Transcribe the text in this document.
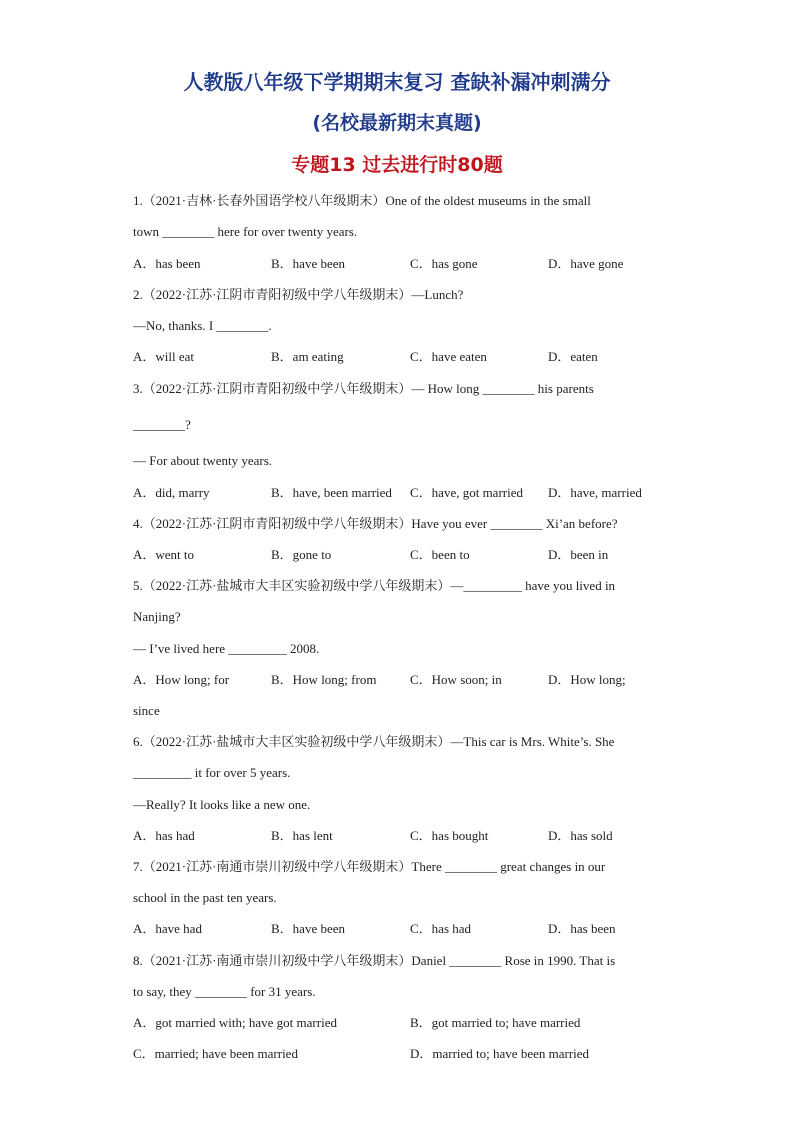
人教版八年级下学期期末复习 查缺补漏冲刺满分
(名校最新期末真题)
专题13 过去进行时80题
1.（2021·吉林·长春外国语学校八年级期末）One of the oldest museums in the small
town ________ here for over twenty years.
A．has been	B．have been	C．has gone	D．have gone
2.（2022·江苏·江阴市青阳初级中学八年级期末）—Lunch?
—No, thanks. I ________.
A．will eat	B．am eating	C．have eaten	D．eaten
3.（2022·江苏·江阴市青阳初级中学八年级期末）— How long ________ his parents
________?
— For about twenty years.
A．did, marry	B．have, been married C．have, got married D．have, married
4.（2022·江苏·江阴市青阳初级中学八年级期末）Have you ever ________ Xi’an before?
A．went to	B．gone to	C．been to	D．been in
5.（2022·江苏·盐城市大丰区实验初级中学八年级期末）—_________ have you lived in
Nanjing?
— I’ve lived here _________ 2008.
A．How long; for	B．How long; from	C．How soon; in	D．How long;
since
6.（2022·江苏·盐城市大丰区实验初级中学八年级期末）—This car is Mrs. White’s. She
_________ it for over 5 years.
—Really? It looks like a new one.
A．has had	B．has lent	C．has bought	D．has sold
7.（2021·江苏·南通市崇川初级中学八年级期末）There ________ great changes in our
school in the past ten years.
A．have had	B．have been	C．has had	D．has been
8.（2021·江苏·南通市崇川初级中学八年级期末）Daniel ________ Rose in 1990. That is
to say, they ________ for 31 years.
A．got married with; have got married	B．got married to; have married
C．married; have been married	D．married to; have been married
